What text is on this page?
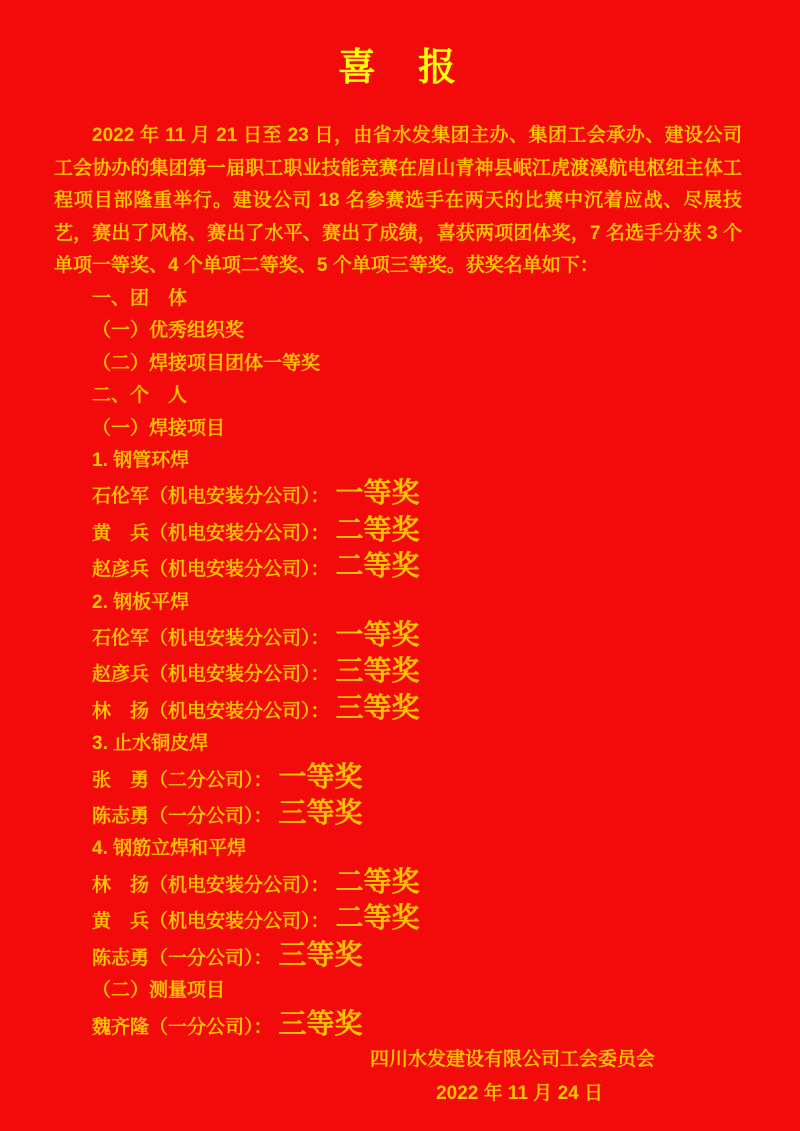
喜　报

2022 年 11 月 21 日至 23 日，由省水发集团主办、集团工会承办、建设公司工会协办的集团第一届职工职业技能竞赛在眉山青神县岷江虎渡溪航电枢纽主体工程项目部隆重举行。建设公司 18 名参赛选手在两天的比赛中沉着应战、尽展技艺，赛出了风格、赛出了水平、赛出了成绩，喜获两项团体奖，7 名选手分获 3 个单项一等奖、4 个单项二等奖、5 个单项三等奖。获奖名单如下：

一、团　体
（一）优秀组织奖
（二）焊接项目团体一等奖
二、个　人
（一）焊接项目
1. 钢管环焊
石伦军（机电安装分公司）： 一等奖
黄　兵（机电安装分公司）： 二等奖
赵彦兵（机电安装分公司）： 二等奖
2. 钢板平焊
石伦军（机电安装分公司）： 一等奖
赵彦兵（机电安装分公司）： 三等奖
林　扬（机电安装分公司）： 三等奖
3. 止水铜皮焊
张　勇（二分公司）： 一等奖
陈志勇（一分公司）： 三等奖
4. 钢筋立焊和平焊
林　扬（机电安装分公司）： 二等奖
黄　兵（机电安装分公司）： 二等奖
陈志勇（一分公司）： 三等奖
（二）测量项目
魏齐隆（一分公司）： 三等奖
四川水发建设有限公司工会委员会
2022 年 11 月 24 日
